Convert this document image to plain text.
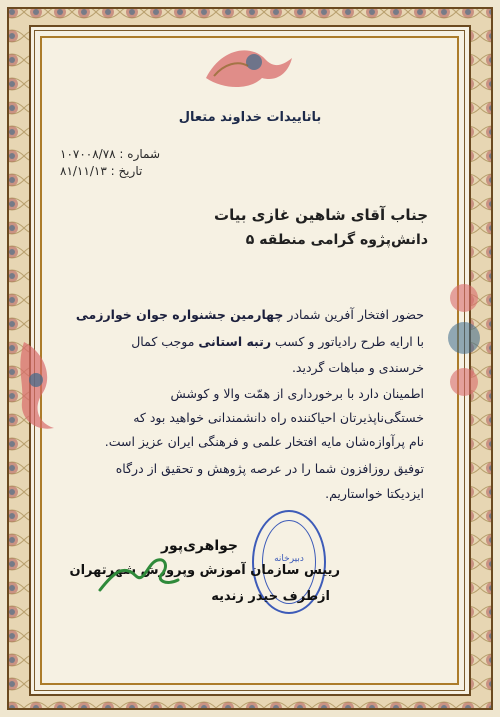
باتاییدات خداوند متعال
شماره : ۱۰۷۰۰۸/۷۸
تاریخ : ۸۱/۱۱/۱۳
جناب آقای شاهین غازی بیات
دانش‌پژوه گرامی منطقه ۵
حضور افتخار آفرین شمادر چهارمین جشنواره جوان خوارزمی
با ارایه طرح رادیاتور و کسب رتبه استانی موجب کمال
خرسندی و مباهات گردید.
اطمینان دارد با برخورداری از همّت والا و کوشش
خستگی‌ناپذیرتان احیاکننده راه دانشمندانی خواهید بود که
نام پرآوازه‌شان مایه افتخار علمی و فرهنگی ایران عزیز است.
توفیق روزافزون شما را در عرصه پژوهش و تحقیق از درگاه
ایزدیکتا خواستاریم.
دبیرخانه
جواهری‌پور
رییس سازمان آموزش وپرورش شهرتهران
ازطرف حیدر زندیه
